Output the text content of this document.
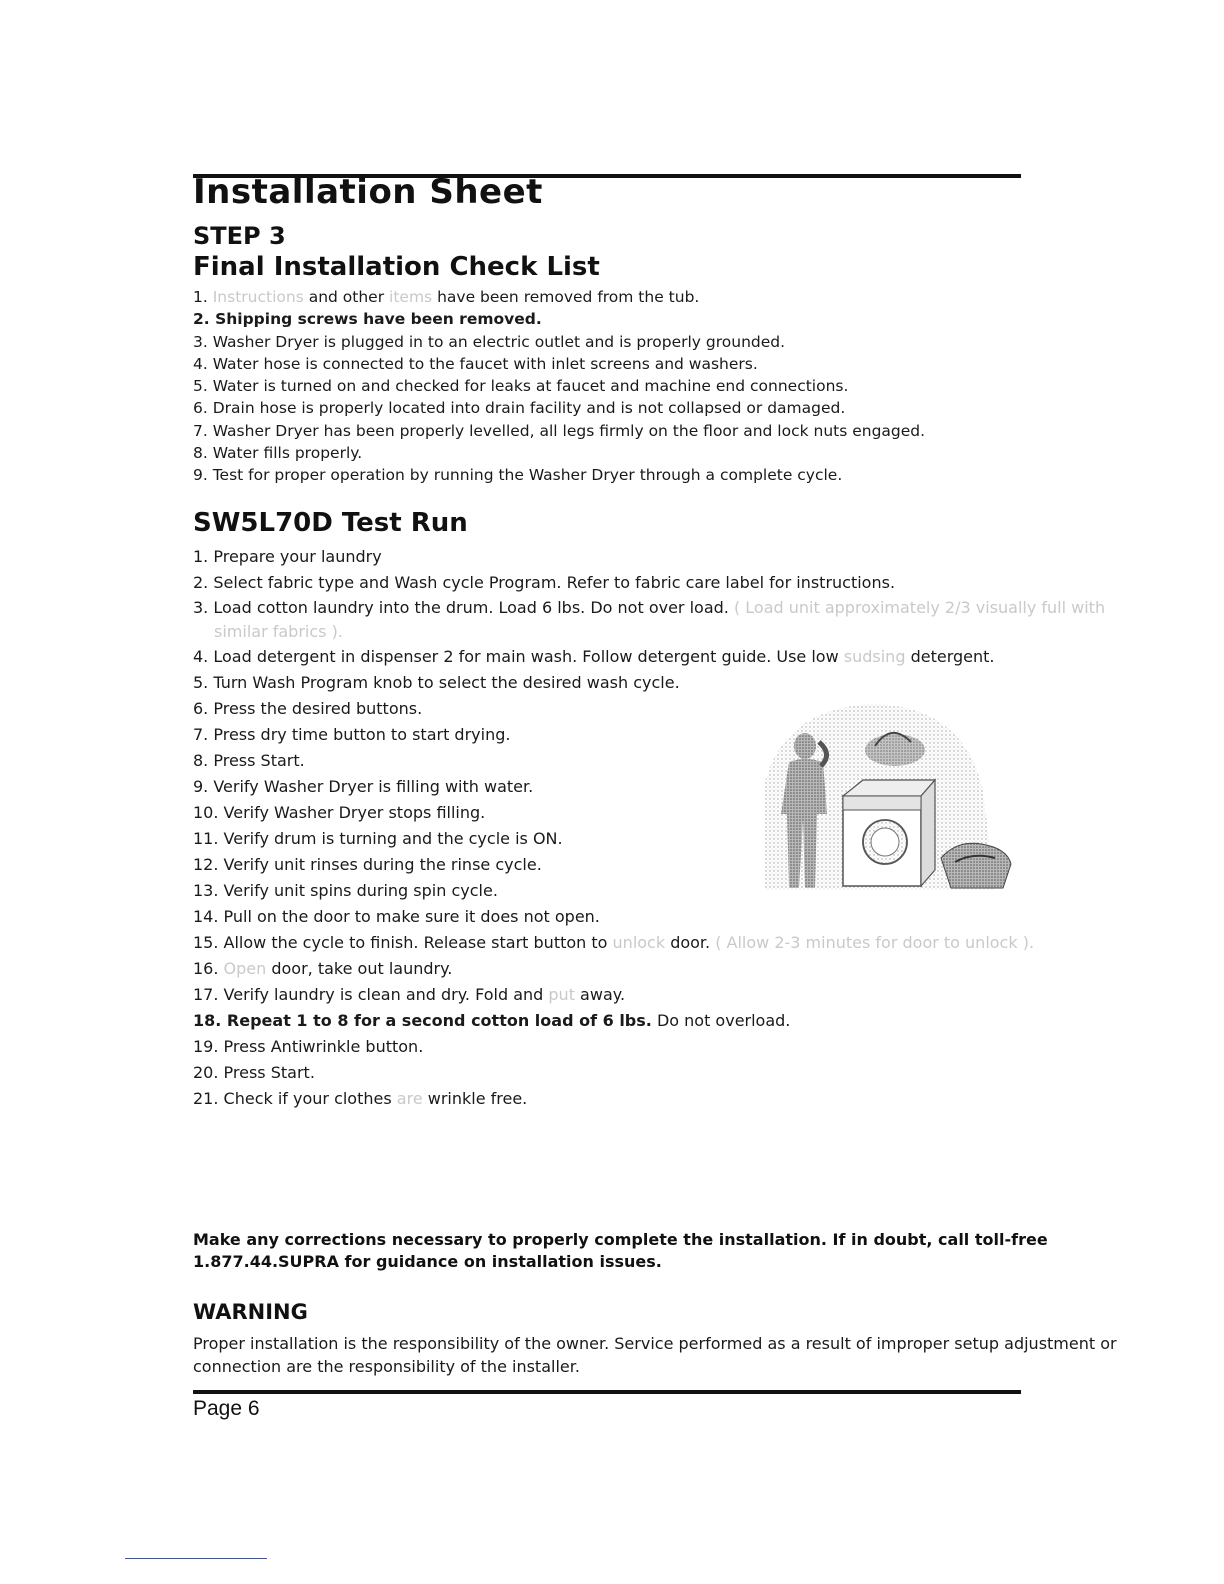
Installation Sheet
STEP 3
Final Installation Check List
1. Instructions and other items have been removed from the tub.
2. Shipping screws have been removed.
3. Washer Dryer is plugged in to an electric outlet and is properly grounded.
4. Water hose is connected to the faucet with inlet screens and washers.
5. Water is turned on and checked for leaks at faucet and machine end connections.
6. Drain hose is properly located into drain facility and is not collapsed or damaged.
7. Washer Dryer has been properly levelled, all legs firmly on the floor and lock nuts engaged.
8. Water fills properly.
9. Test for proper operation by running the Washer Dryer through a complete cycle.
SW5L70D Test Run
1. Prepare your laundry
2. Select fabric type and Wash cycle Program. Refer to fabric care label for instructions.
3. Load cotton laundry into the drum. Load 6 lbs. Do not over load. ( Load unit approximately 2/3 visually full with similar fabrics ).
4. Load detergent in dispenser 2 for main wash. Follow detergent guide. Use low sudsing detergent.
5. Turn Wash Program knob to select the desired wash cycle.
6. Press the desired buttons.
7. Press dry time button to start drying.
8. Press Start.
9. Verify Washer Dryer is filling with water.
10. Verify Washer Dryer stops filling.
11. Verify drum is turning and the cycle is ON.
12. Verify unit rinses during the rinse cycle.
13. Verify unit spins during spin cycle.
14. Pull on the door to make sure it does not open.
15. Allow the cycle to finish. Release start button to unlock door. ( Allow 2-3 minutes for door to unlock ).
16. Open door, take out laundry.
17. Verify laundry is clean and dry. Fold and put away.
18. Repeat 1 to 8 for a second cotton load of 6 lbs. Do not overload.
19. Press Antiwrinkle button.
20. Press Start.
21. Check if your clothes are wrinkle free.

Make any corrections necessary to properly complete the installation. If in doubt, call toll-free 1.877.44.SUPRA for guidance on installation issues.

WARNING

Proper installation is the responsibility of the owner. Service performed as a result of improper setup adjustment or connection are the responsibility of the installer.

Page 6
